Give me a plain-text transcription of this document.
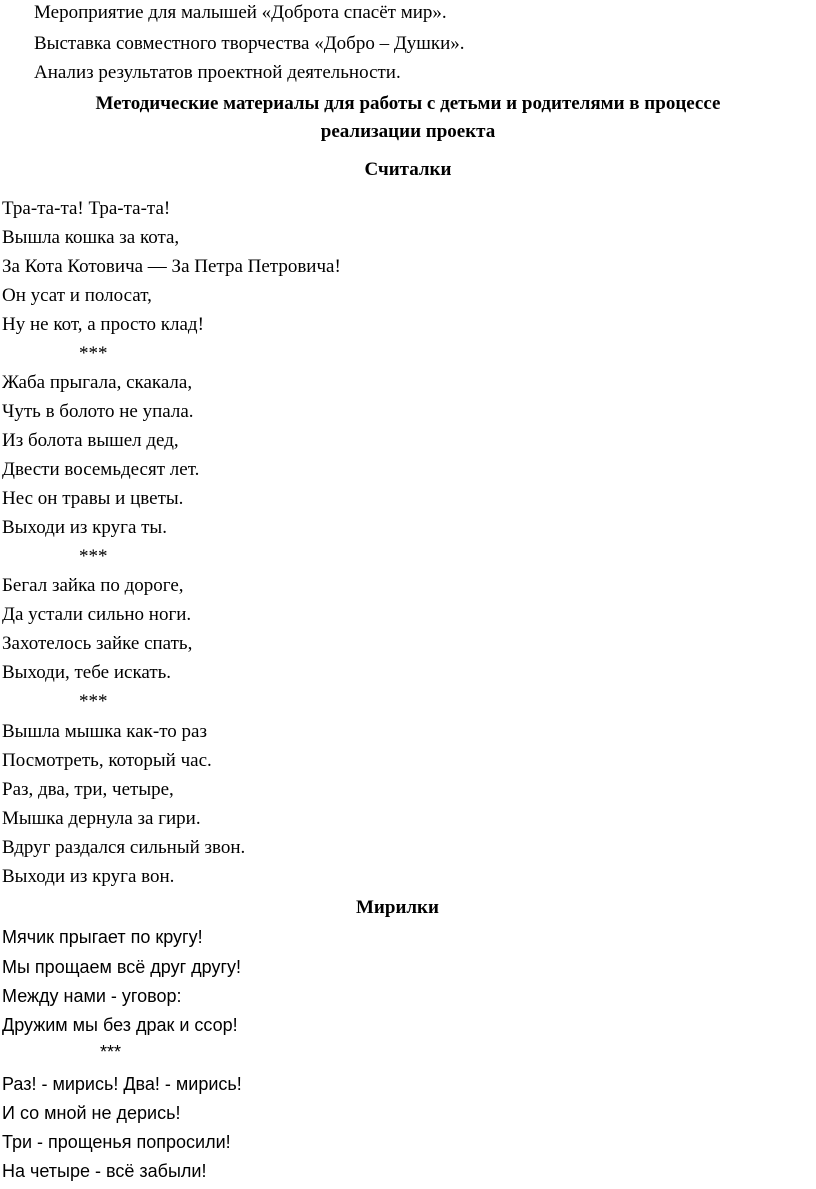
Мероприятие для малышей «Доброта спасёт мир».
Выставка совместного творчества «Добро – Душки».
Анализ результатов проектной деятельности.
Методические материалы для работы с детьми и родителями в процессе
реализации проекта
Считалки
Тра-та-та! Тра-та-та!
Вышла кошка за кота,
За Кота Котовича — За Петра Петровича!
Он усат и полосат,
Ну не кот, а просто клад!
***
Жаба прыгала, скакала,
Чуть в болото не упала.
Из болота вышел дед,
Двести восемьдесят лет.
Нес он травы и цветы.
Выходи из круга ты.
***
Бегал зайка по дороге,
Да устали сильно ноги.
Захотелось зайке спать,
Выходи, тебе искать.
***
Вышла мышка как-то раз
Посмотреть, который час.
Раз, два, три, четыре,
Мышка дернула за гири.
Вдруг раздался сильный звон.
Выходи из круга вон.
Мирилки
Мячик прыгает по кругу!
Мы прощаем всё друг другу!
Между нами - уговор:
Дружим мы без драк и ссор!
***
Раз! - мирись! Два! - мирись!
И со мной не дерись!
Три - прощенья попросили!
На четыре - всё забыли!
